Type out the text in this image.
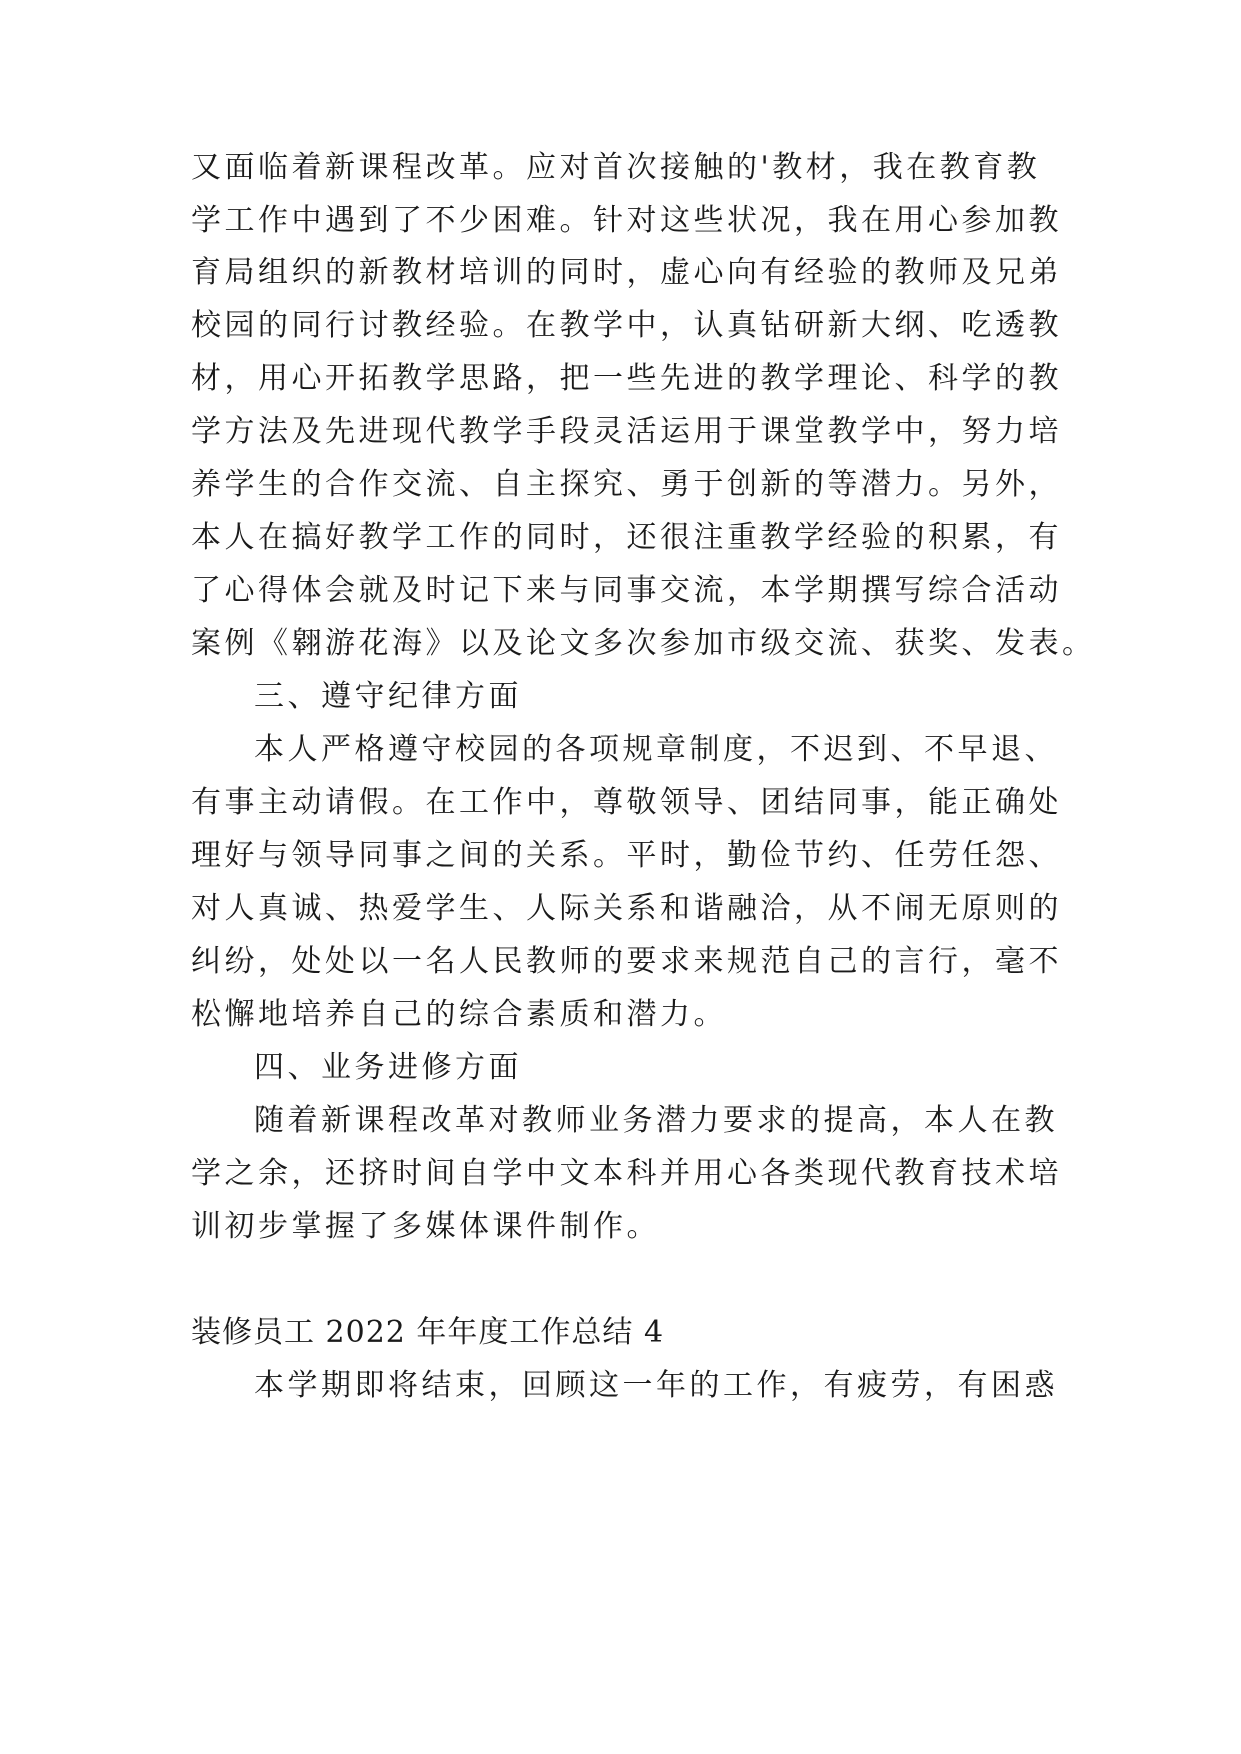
又面临着新课程改革。应对首次接触的'教材，我在教育教
学工作中遇到了不少困难。针对这些状况，我在用心参加教
育局组织的新教材培训的同时，虚心向有经验的教师及兄弟
校园的同行讨教经验。在教学中，认真钻研新大纲、吃透教
材，用心开拓教学思路，把一些先进的教学理论、科学的教
学方法及先进现代教学手段灵活运用于课堂教学中，努力培
养学生的合作交流、自主探究、勇于创新的等潜力。另外，
本人在搞好教学工作的同时，还很注重教学经验的积累，有
了心得体会就及时记下来与同事交流，本学期撰写综合活动
案例《翱游花海》以及论文多次参加市级交流、获奖、发表。
三、遵守纪律方面
本人严格遵守校园的各项规章制度，不迟到、不早退、
有事主动请假。在工作中，尊敬领导、团结同事，能正确处
理好与领导同事之间的关系。平时，勤俭节约、任劳任怨、
对人真诚、热爱学生、人际关系和谐融洽，从不闹无原则的
纠纷，处处以一名人民教师的要求来规范自己的言行，毫不
松懈地培养自己的综合素质和潜力。
四、业务进修方面
随着新课程改革对教师业务潜力要求的提高，本人在教
学之余，还挤时间自学中文本科并用心各类现代教育技术培
训初步掌握了多媒体课件制作。
装修员工 2022 年年度工作总结 4
本学期即将结束，回顾这一年的工作，有疲劳，有困惑
